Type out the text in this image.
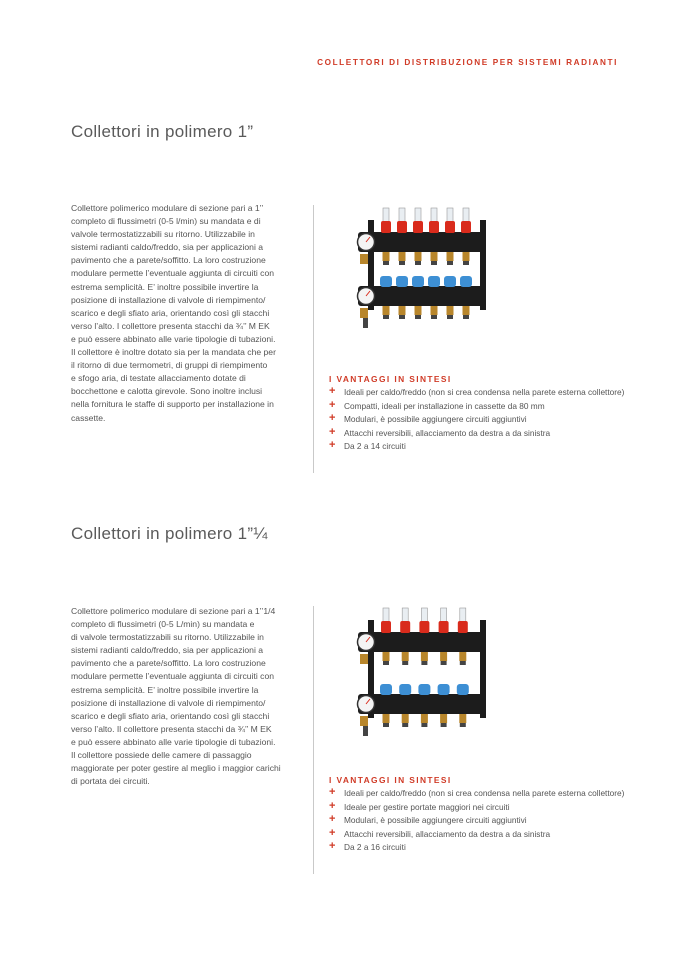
COLLETTORI DI DISTRIBUZIONE PER SISTEMI RADIANTI
Collettori in polimero 1”

Collettore polimerico modulare di sezione pari a 1’’

completo di flussimetri (0-5 l/min) su mandata e di

valvole termostatizzabili su ritorno. Utilizzabile in

sistemi radianti caldo/freddo, sia per applicazioni a

pavimento che a parete/soffitto. La loro costruzione

modulare permette l’eventuale aggiunta di circuiti con

estrema semplicità. E’ inoltre possibile invertire la

posizione di installazione di valvole di riempimento/

scarico e degli sfiato aria, orientando così gli stacchi

verso l’alto. I collettore presenta stacchi da ¾’’ M EK

e può essere abbinato alle varie tipologie di tubazioni.

Il collettore è inoltre dotato sia per la mandata che per

il ritorno di due termometri, di gruppi di riempimento

e sfogo aria, di testate allacciamento dotate di

bocchettone e calotta girevole. Sono inoltre inclusi

nella fornitura le staffe di supporto per installazione in

cassette.

I VANTAGGI IN SINTESI
+ Ideali per caldo/freddo (non si crea condensa nella parete esterna collettore)
+ Compatti, ideali per installazione in cassette da 80 mm
+ Modulari, è possibile aggiungere circuiti aggiuntivi
+ Attacchi reversibili, allacciamento da destra a da sinistra
+ Da 2 a 14 circuiti
Collettori in polimero 1”¼

Collettore polimerico modulare di sezione pari a 1’’1/4

completo di flussimetri (0-5 L/min) su mandata e

di valvole termostatizzabili su ritorno. Utilizzabile in

sistemi radianti caldo/freddo, sia per applicazioni a

pavimento che a parete/soffitto. La loro costruzione

modulare permette l’eventuale aggiunta di circuiti con

estrema semplicità. E’ inoltre possibile invertire la

posizione di installazione di valvole di riempimento/

scarico e degli sfiato aria, orientando così gli stacchi

verso l’alto. Il collettore presenta stacchi da ¾’’ M EK

e può essere abbinato alle varie tipologie di tubazioni.

Il collettore possiede delle camere di passaggio

maggiorate per poter gestire al meglio i maggior carichi

di portata dei circuiti.	I VANTAGGI IN SINTESI
+ Ideali per caldo/freddo (non si crea condensa nella parete esterna collettore)
+ Ideale per gestire portate maggiori nei circuiti
+ Modulari, è possibile aggiungere circuiti aggiuntivi
+ Attacchi reversibili, allacciamento da destra a da sinistra
+ Da 2 a 16 circuiti
